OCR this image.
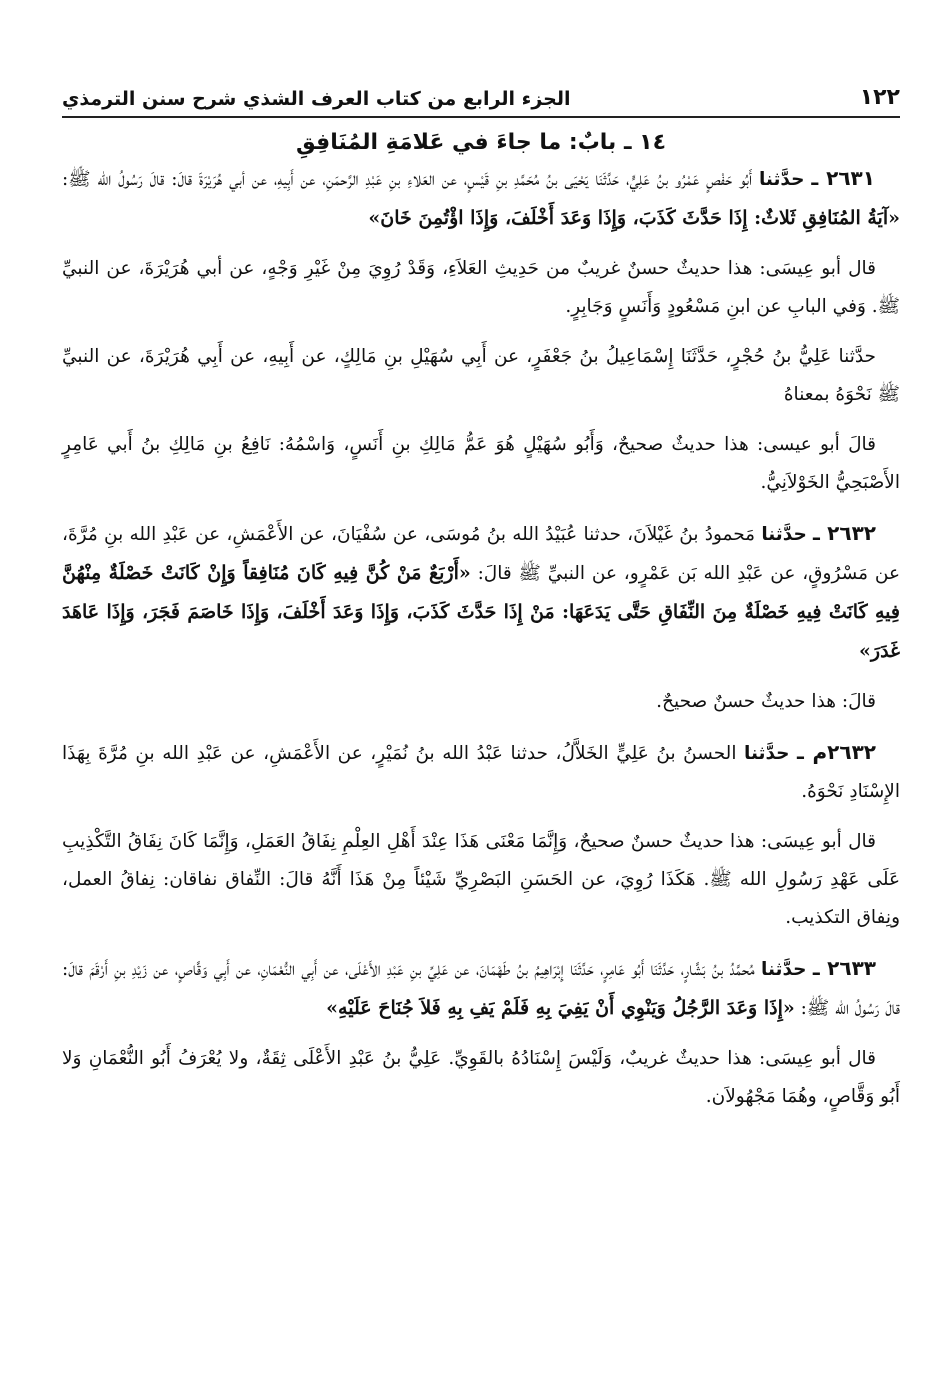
١٢٢
الجزء الرابع من كتاب العرف الشذي شرح سنن الترمذي
١٤ ـ بابٌ: ما جاءَ في عَلامَةِ المُنَافِقِ

٢٦٣١ ـ حدَّثنا أَبُو حَفْصٍ عَمْرُو بنُ عَلِيٍّ، حَدَّثَنَا يَحْيَى بنُ مُحَمَّدِ بنِ قَيْسٍ، عن العَلاءِ بنِ عَبْدِ الرَّحمَنِ، عن أَبِيهِ، عن أبي هُرَيْرَةَ قالَ: قالَ رَسُولُ الله ﷺ: «آيَةُ المُنَافِقِ ثَلاثٌ: إِذَا حَدَّثَ كَذَبَ، وَإِذَا وَعَدَ أَخْلَفَ، وَإِذَا اؤْتُمِنَ خَانَ»

قال أبو عِيسَى: هذا حديثٌ حسنٌ غريبٌ من حَدِيثِ العَلاَءِ، وَقَدْ رُوِيَ مِنْ غَيْرِ وَجْهٍ، عن أبي هُرَيْرَةَ، عن النبيِّ ﷺ. وَفي البابِ عن ابنِ مَسْعُودٍ وَأَنَسٍ وَجَابِرٍ.

حدَّثنا عَلِيُّ بنُ حُجْرٍ، حَدَّثَنَا إِسْمَاعِيلُ بنُ جَعْفَرٍ، عن أَبِي سُهَيْلِ بنِ مَالِكٍ، عن أَبِيهِ، عن أَبِي هُرَيْرَةَ، عن النبيِّ ﷺ نَحْوَهُ بمعناهُ

قالَ أبو عيسى: هذا حديثٌ صحيحٌ، وَأَبُو سُهَيْلٍ هُوَ عَمُّ مَالِكِ بنِ أَنَسٍ، وَاسْمُهُ: نَافِعُ بنِ مَالِكِ بنُ أَبي عَامِرٍ الأَصْبَحِيُّ الخَوْلاَنِيُّ.

٢٦٣٢ ـ حدَّثنا مَحمودُ بنُ غَيْلاَنَ، حدثنا عُبَيْدُ الله بنُ مُوسَى، عن سُفْيَانَ، عن الأَعْمَشِ، عن عَبْدِ الله بنِ مُرَّةَ، عن مَسْرُوقٍ، عن عَبْدِ الله بَن عَمْرٍو، عن النبيِّ ﷺ قالَ: «أَرْبَعٌ مَنْ كُنَّ فِيهِ كَانَ مُنَافِقاً وَإِنْ كَانَتْ خَصْلَةٌ مِنْهُنَّ فِيهِ كَانَتْ فِيهِ خَصْلَةٌ مِنَ النِّفَاقِ حَتَّى يَدَعَهَا: مَنْ إِذَا حَدَّثَ كَذَبَ، وَإِذَا وَعَدَ أَخْلَفَ، وَإِذَا خَاصَمَ فَجَرَ، وَإِذَا عَاهَدَ غَدَرَ»

قالَ: هذا حديثٌ حسنٌ صحيحٌ.

٢٦٣٢م ـ حدَّثنا الحسنُ بنُ عَلِيٍّ الخَلاَّلُ، حدثنا عَبْدُ الله بنُ نُمَيْرٍ، عن الأَعْمَشِ، عن عَبْدِ الله بنِ مُرَّةَ بِهَذَا الإِسْنَادِ نَحْوَهُ.

قال أبو عِيسَى: هذا حديثٌ حسنٌ صحيحٌ، وَإِنَّمَا مَعْنَى هَذَا عِنْدَ أَهْلِ العِلْمِ نِفَاقُ العَمَلِ، وَإِنَّمَا كَانَ نِفَاقُ التَّكْذِيبِ عَلَى عَهْدِ رَسُولِ الله ﷺ. هَكَذَا رُوِيَ، عن الحَسَنِ البَصْرِيِّ شَيْئاً مِنْ هَذَا أَنَّهُ قالَ: النِّفاق نفاقان: نِفاقُ العمل، ونِفاق التكذيب.

٢٦٣٣ ـ حدَّثنا مُحمَّدُ بنُ بَشَّارٍ، حَدَّثَنَا أَبُو عَامِرٍ، حَدَّثَنَا إِبْرَاهِيمُ بنُ طَهْمَانَ، عن عَلِيِّ بنِ عَبْدِ الأَعْلَى، عن أَبِي النُّعْمَانِ، عن أَبِي وَقَّاصٍ، عن زَيْدِ بنِ أَرْقَمَ قالَ: قالَ رَسُولُ الله ﷺ: «إِذَا وَعَدَ الرَّجُلُ وَيَنْوِي أَنْ يَفِيَ بِهِ فَلَمْ يَفِ بِهِ فَلاَ جُنَاحَ عَلَيْهِ»

قال أبو عِيسَى: هذا حديثٌ غريبٌ، وَلَيْسَ إِسْنَادُهُ بالقَوِيِّ. عَلِيُّ بنُ عَبْدِ الأَعْلَى ثِقَةٌ، ولا يُعْرَفُ أَبُو النُّعْمَانِ وَلا أَبُو وَقَّاصٍ، وهُمَا مَجْهُولاَن.
